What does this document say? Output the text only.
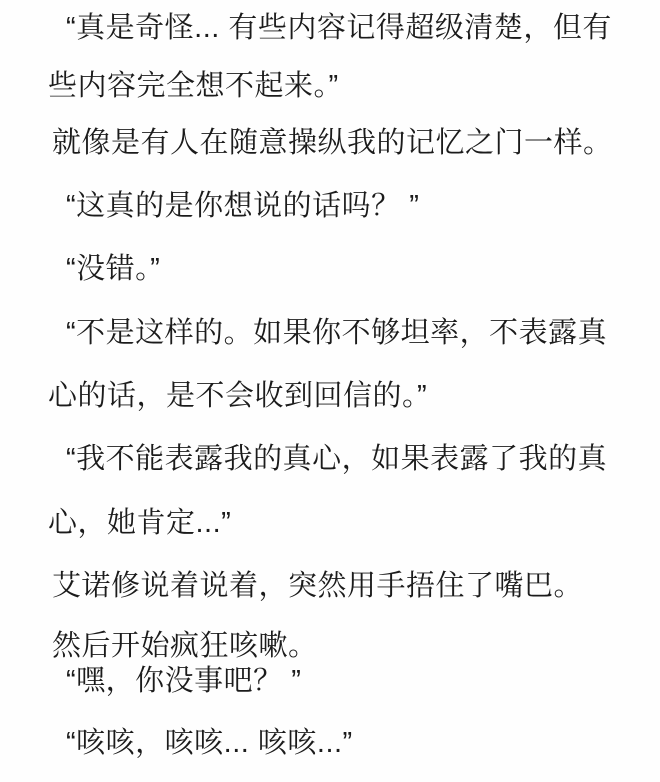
“真是奇怪... 有些内容记得超级清楚，但有
些内容完全想不起来。”
就像是有人在随意操纵我的记忆之门一样。
“这真的是你想说的话吗？ ”
“没错。”
“不是这样的。如果你不够坦率，不表露真
心的话，是不会收到回信的。”
“我不能表露我的真心，如果表露了我的真
心，她肯定...”
艾诺修说着说着，突然用手捂住了嘴巴。
然后开始疯狂咳嗽。
“嘿，你没事吧？ ”
“咳咳，咳咳... 咳咳...”
